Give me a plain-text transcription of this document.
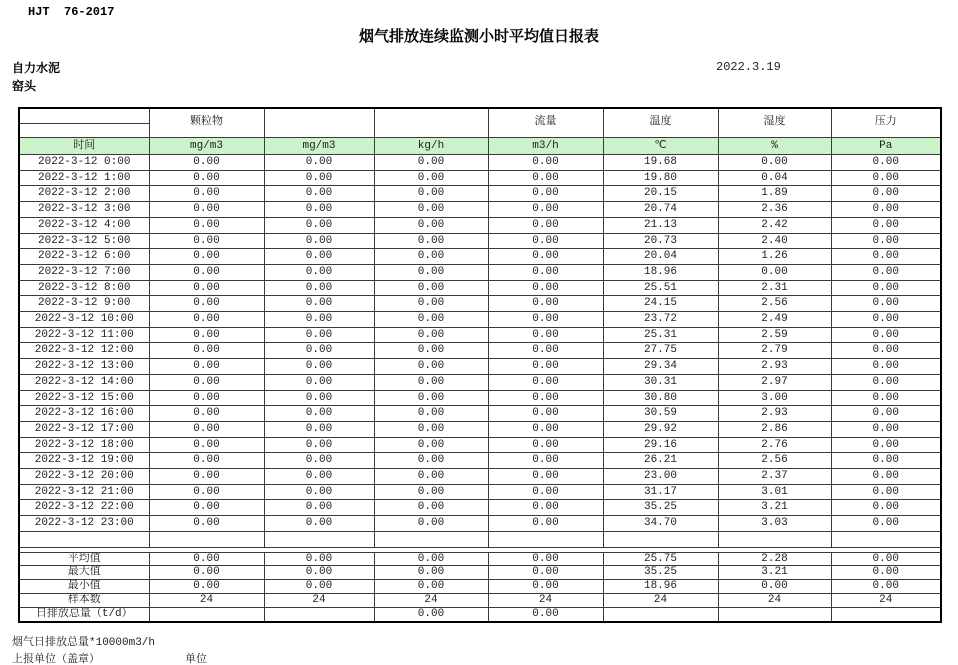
HJT  76-2017
烟气排放连续监测小时平均值日报表
自力水泥
窑头
2022.3.19
	颗粒物			流量	温度	湿度	压力

时间	mg/m3	mg/m3	kg/h	m3/h	℃	%	Pa
2022-3-12 0:00	0.00	0.00	0.00	0.00	19.68	0.00	0.00
2022-3-12 1:00	0.00	0.00	0.00	0.00	19.80	0.04	0.00
2022-3-12 2:00	0.00	0.00	0.00	0.00	20.15	1.89	0.00
2022-3-12 3:00	0.00	0.00	0.00	0.00	20.74	2.36	0.00
2022-3-12 4:00	0.00	0.00	0.00	0.00	21.13	2.42	0.00
2022-3-12 5:00	0.00	0.00	0.00	0.00	20.73	2.40	0.00
2022-3-12 6:00	0.00	0.00	0.00	0.00	20.04	1.26	0.00
2022-3-12 7:00	0.00	0.00	0.00	0.00	18.96	0.00	0.00
2022-3-12 8:00	0.00	0.00	0.00	0.00	25.51	2.31	0.00
2022-3-12 9:00	0.00	0.00	0.00	0.00	24.15	2.56	0.00
2022-3-12 10:00	0.00	0.00	0.00	0.00	23.72	2.49	0.00
2022-3-12 11:00	0.00	0.00	0.00	0.00	25.31	2.59	0.00
2022-3-12 12:00	0.00	0.00	0.00	0.00	27.75	2.79	0.00
2022-3-12 13:00	0.00	0.00	0.00	0.00	29.34	2.93	0.00
2022-3-12 14:00	0.00	0.00	0.00	0.00	30.31	2.97	0.00
2022-3-12 15:00	0.00	0.00	0.00	0.00	30.80	3.00	0.00
2022-3-12 16:00	0.00	0.00	0.00	0.00	30.59	2.93	0.00
2022-3-12 17:00	0.00	0.00	0.00	0.00	29.92	2.86	0.00
2022-3-12 18:00	0.00	0.00	0.00	0.00	29.16	2.76	0.00
2022-3-12 19:00	0.00	0.00	0.00	0.00	26.21	2.56	0.00
2022-3-12 20:00	0.00	0.00	0.00	0.00	23.00	2.37	0.00
2022-3-12 21:00	0.00	0.00	0.00	0.00	31.17	3.01	0.00
2022-3-12 22:00	0.00	0.00	0.00	0.00	35.25	3.21	0.00
2022-3-12 23:00	0.00	0.00	0.00	0.00	34.70	3.03	0.00

平均值	0.00	0.00	0.00	0.00	25.75	2.28	0.00
最大值	0.00	0.00	0.00	0.00	35.25	3.21	0.00
最小值	0.00	0.00	0.00	0.00	18.96	0.00	0.00
样本数	24	24	24	24	24	24	24
日排放总量（t/d）			0.00	0.00			
烟气日排放总量*10000m3/h
上报单位（盖章）	单位
